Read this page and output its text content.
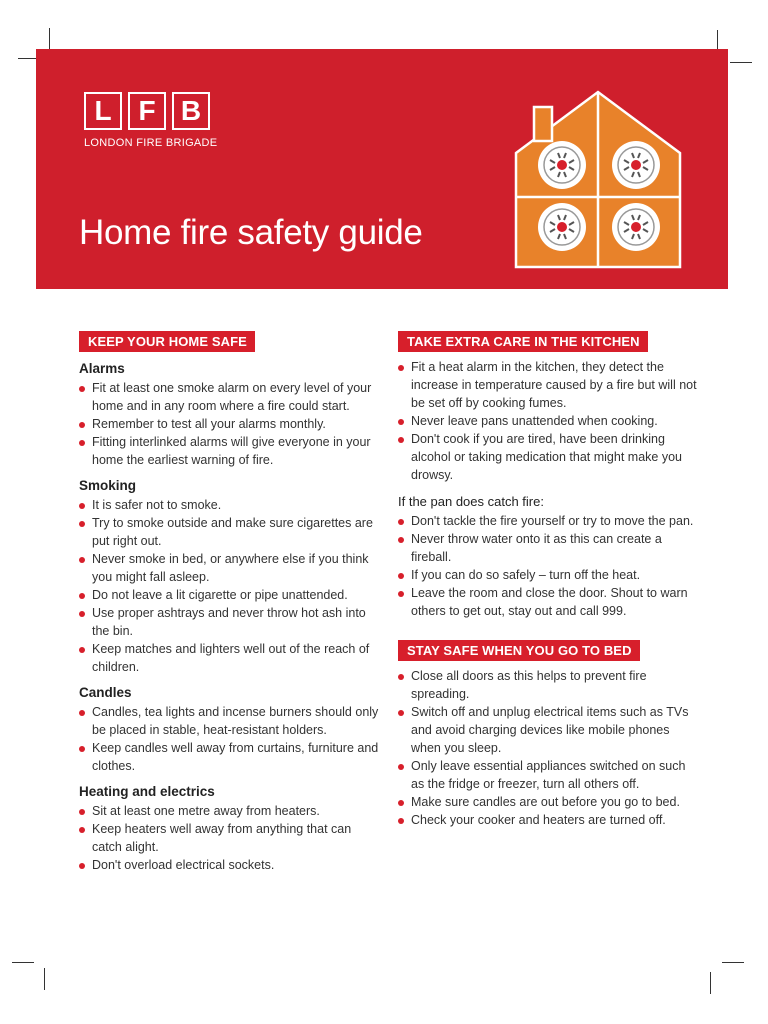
L F B
LONDON FIRE BRIGADE
Home fire safety guide
KEEP YOUR HOME SAFE
Alarms
Fit at least one smoke alarm on every level of your home and in any room where a fire could start.
Remember to test all your alarms monthly.
Fitting interlinked alarms will give everyone in your home the earliest warning of fire.
Smoking
It is safer not to smoke.
Try to smoke outside and make sure cigarettes are put right out.
Never smoke in bed, or anywhere else if you think you might fall asleep.
Do not leave a lit cigarette or pipe unattended.
Use proper ashtrays and never throw hot ash into the bin.
Keep matches and lighters well out of the reach of children.
Candles
Candles, tea lights and incense burners should only be placed in stable, heat-resistant holders.
Keep candles well away from curtains, furniture and clothes.
Heating and electrics
Sit at least one metre away from heaters.
Keep heaters well away from anything that can catch alight.
Don't overload electrical sockets.
TAKE EXTRA CARE IN THE KITCHEN
Fit a heat alarm in the kitchen, they detect the increase in temperature caused by a fire but will not be set off by cooking fumes.
Never leave pans unattended when cooking.
Don't cook if you are tired, have been drinking alcohol or taking medication that might make you drowsy.
If the pan does catch fire:
Don't tackle the fire yourself or try to move the pan.
Never throw water onto it as this can create a fireball.
If you can do so safely – turn off the heat.
Leave the room and close the door. Shout to warn others to get out, stay out and call 999.
STAY SAFE WHEN YOU GO TO BED
Close all doors as this helps to prevent fire spreading.
Switch off and unplug electrical items such as TVs and avoid charging devices like mobile phones when you sleep.
Only leave essential appliances switched on such as the fridge or freezer, turn all others off.
Make sure candles are out before you go to bed.
Check your cooker and heaters are turned off.
